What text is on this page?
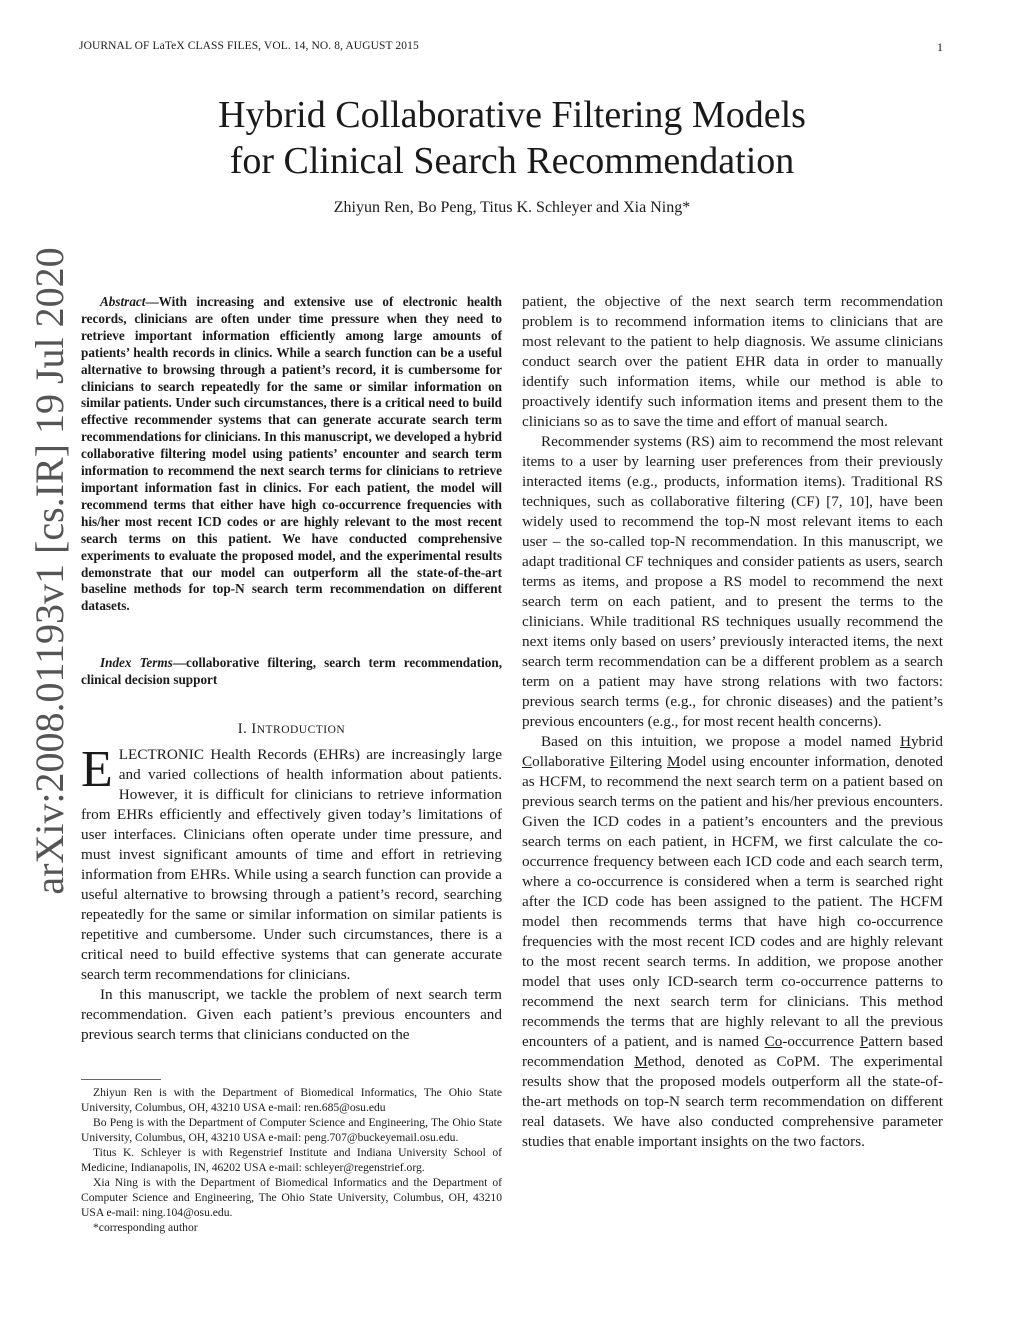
JOURNAL OF LaTeX CLASS FILES, VOL. 14, NO. 8, AUGUST 2015	1
arXiv:2008.01193v1 [cs.IR] 19 Jul 2020
Hybrid Collaborative Filtering Models
for Clinical Search Recommendation
Zhiyun Ren, Bo Peng, Titus K. Schleyer and Xia Ning*
Abstract—With increasing and extensive use of electronic health records, clinicians are often under time pressure when they need to retrieve important information efficiently among large amounts of patients’ health records in clinics. While a search function can be a useful alternative to browsing through a patient’s record, it is cumbersome for clinicians to search repeatedly for the same or similar information on similar patients. Under such circumstances, there is a critical need to build effective recommender systems that can generate accurate search term recommendations for clinicians. In this manuscript, we developed a hybrid collaborative filtering model using patients’ encounter and search term information to recommend the next search terms for clinicians to retrieve important information fast in clinics. For each patient, the model will recommend terms that either have high co-occurrence frequencies with his/her most recent ICD codes or are highly relevant to the most recent search terms on this patient. We have conducted comprehensive experiments to evaluate the proposed model, and the experimental results demonstrate that our model can outperform all the state-of-the-art baseline methods for top-N search term recommendation on different datasets.
Index Terms—collaborative filtering, search term recommendation, clinical decision support
I. INTRODUCTION

ELECTRONIC Health Records (EHRs) are increasingly large and varied collections of health information about patients. However, it is difficult for clinicians to retrieve information from EHRs efficiently and effectively given today’s limitations of user interfaces. Clinicians often operate under time pressure, and must invest significant amounts of time and effort in retrieving information from EHRs. While using a search function can provide a useful alternative to browsing through a patient’s record, searching repeatedly for the same or similar information on similar patients is repetitive and cumbersome. Under such circumstances, there is a critical need to build effective systems that can generate accurate search term recommendations for clinicians.

In this manuscript, we tackle the problem of next search term recommendation. Given each patient’s previous encounters and previous search terms that clinicians conducted on the

Zhiyun Ren is with the Department of Biomedical Informatics, The Ohio State University, Columbus, OH, 43210 USA e-mail: ren.685@osu.edu

Bo Peng is with the Department of Computer Science and Engineering, The Ohio State University, Columbus, OH, 43210 USA e-mail: peng.707@buckeyemail.osu.edu.

Titus K. Schleyer is with Regenstrief Institute and Indiana University School of Medicine, Indianapolis, IN, 46202 USA e-mail: schleyer@regenstrief.org.

Xia Ning is with the Department of Biomedical Informatics and the Department of Computer Science and Engineering, The Ohio State University, Columbus, OH, 43210 USA e-mail: ning.104@osu.edu.

*corresponding author

patient, the objective of the next search term recommendation problem is to recommend information items to clinicians that are most relevant to the patient to help diagnosis. We assume clinicians conduct search over the patient EHR data in order to manually identify such information items, while our method is able to proactively identify such information items and present them to the clinicians so as to save the time and effort of manual search.

Recommender systems (RS) aim to recommend the most relevant items to a user by learning user preferences from their previously interacted items (e.g., products, information items). Traditional RS techniques, such as collaborative filtering (CF) [7, 10], have been widely used to recommend the top-N most relevant items to each user – the so-called top-N recommendation. In this manuscript, we adapt traditional CF techniques and consider patients as users, search terms as items, and propose a RS model to recommend the next search term on each patient, and to present the terms to the clinicians. While traditional RS techniques usually recommend the next items only based on users’ previously interacted items, the next search term recommendation can be a different problem as a search term on a patient may have strong relations with two factors: previous search terms (e.g., for chronic diseases) and the patient’s previous encounters (e.g., for most recent health concerns).

Based on this intuition, we propose a model named Hybrid Collaborative Filtering Model using encounter information, denoted as HCFM, to recommend the next search term on a patient based on previous search terms on the patient and his/her previous encounters. Given the ICD codes in a patient’s encounters and the previous search terms on each patient, in HCFM, we first calculate the co-occurrence frequency between each ICD code and each search term, where a co-occurrence is considered when a term is searched right after the ICD code has been assigned to the patient. The HCFM model then recommends terms that have high co-occurrence frequencies with the most recent ICD codes and are highly relevant to the most recent search terms. In addition, we propose another model that uses only ICD-search term co-occurrence patterns to recommend the next search term for clinicians. This method recommends the terms that are highly relevant to all the previous encounters of a patient, and is named Co-occurrence Pattern based recommendation Method, denoted as CoPM. The experimental results show that the proposed models outperform all the state-of-the-art methods on top-N search term recommendation on different real datasets. We have also conducted comprehensive parameter studies that enable important insights on the two factors.
